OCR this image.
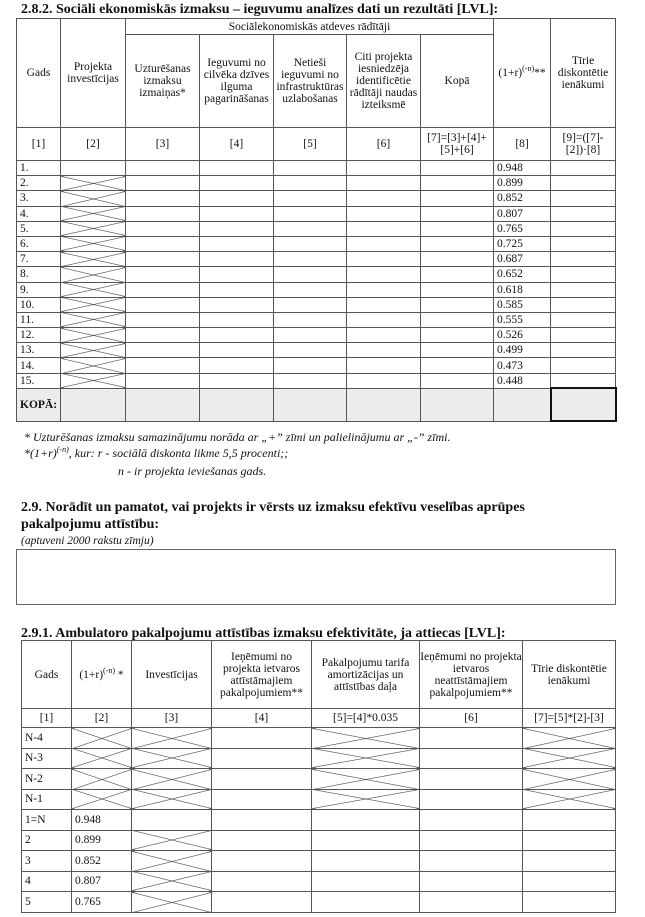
2.8.2. Sociāli ekonomiskās izmaksu – ieguvumu analīzes dati un rezultāti [LVL]:
Gads	Projekta investīcijas	Sociālekonomiskās atdeves rādītāji					$(1+r)^{(-n)}**$	Tīrie diskontētie ienākumi
		Uzturēšanas izmaksu izmaiņas*	Ieguvumi no cilvēka dzīves ilguma pagarināšanas	Netieši ieguvumi no infrastruktūras uzlabošanas	Citi projekta iesniedzēja identificētie rādītāji naudas izteiksmē	Kopā		
[1]	[2]	[3]	[4]	[5]	[6]	[7]=[3]+[4]+[5]+[6]	[8]	[9]=([7]-[2])·[8]
1.							0.948	
2.							0.899	
3.							0.852	
4.							0.807	
5.							0.765	
6.							0.725	
7.							0.687	
8.							0.652	
9.							0.618	
10.							0.585	
11.							0.555	
12.							0.526	
13.							0.499	
14.							0.473	
15.							0.448	
KOPĀ:								
* Uzturēšanas izmaksu samazinājumu norāda ar „+” zīmi un palielinājumu ar „-” zīmi.
$*(1+r)^{(-n)}$, kur: r - sociālā diskonta likme 5,5 procenti;;
n - ir projekta ieviešanas gads.
2.9. Norādīt un pamatot, vai projekts ir vērsts uz izmaksu efektīvu veselības aprūpes
pakalpojumu attīstību:
(aptuveni 2000 rakstu zīmju)
2.9.1. Ambulatoro pakalpojumu attīstības izmaksu efektivitāte, ja attiecas [LVL]:
Gads	$(1+r)^{(-n)}$ *	Investīcijas	Ieņēmumi no projekta ietvaros attīstāmajiem pakalpojumiem**	Pakalpojumu tarifa amortizācijas un attīstības daļa	Ieņēmumi no projekta ietvaros neattīstāmajiem pakalpojumiem**	Tīrie diskontētie ienākumi
[1]	[2]	[3]	[4]	[5]=[4]*0.035	[6]	[7]=[5]*[2]-[3]
N-4						
N-3						
N-2						
N-1						
1=N	0.948					
2	0.899					
3	0.852					
4	0.807					
5	0.765					
